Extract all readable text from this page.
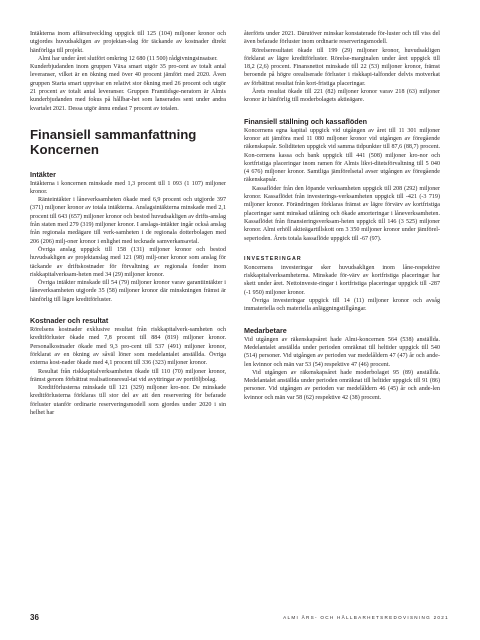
Intäkterna inom affärsutveckling uppgick till 125 (104) miljoner kronor och utgjordes huvudsakligen av projektan-slag för täckande av kostnader direkt hänförliga till projekt.

Almi har under året slutfört omkring 12 680 (11 500) rådgivningsinsatser.

Kunderbjudanden inom gruppen Växa smart utgör 35 pro-cent av totalt antal leveranser, vilket är en ökning med över 40 procent jämfört med 2020. Även gruppen Starta smart uppvisar en relativt stor ökning med 26 procent och utgör 21 procent av totalt antal leveranser. Gruppen Framtidsge-neratorn är Almis kunderbjudanden med fokus på hållbar-het som lanserades sent under andra kvartalet 2021. Dessa utgör ännu endast 7 procent av totalen.

Finansiell sammanfattning Koncernen
Intäkter

Intäkterna i koncernen minskade med 1,3 procent till 1 093 (1 107) miljoner kronor.

Ränteintäkter i låneverksamheten ökade med 6,9 procent och utgjorde 397 (371) miljoner kronor av totala intäkterna. Anslagsintäkterna minskade med 2,1 procent till 643 (657) miljoner kronor och bestod huvudsakligen av drifts-anslag från staten med 279 (319) miljoner kronor. I anslags-intäkter ingår också anslag från regionala medägare till verk-samheten i de regionala dotterbolagen med 206 (206) milj-oner kronor i enlighet med tecknade samverkansavtal.

Övriga anslag uppgick till 158 (131) miljoner kronor och bestod huvudsakligen av projektanslag med 121 (98) milj-oner kronor som anslag för täckande av driftskostnader för förvaltning av regionala fonder inom riskkapitalverksam-heten med 34 (29) miljoner kronor.

Övriga intäkter minskade till 54 (79) miljoner kronor varav garantiintäkter i låneverksamheten utgjorde 35 (58) miljoner kronor där minskningen främst är hänförlig till lägre kreditförluster.

Kostnader och resultat

Rörelsens kostnader exklusive resultat från riskkapitalverk-samheten och kreditförluster ökade med 7,8 procent till 884 (819) miljoner kronor. Personalkostnader ökade med 9,3 pro-cent till 537 (491) miljoner kronor, förklarat av en ökning av såväl löner som medelantalet anställda. Övriga externa kost-nader ökade med 4,1 procent till 336 (323) miljoner kronor.

Resultat från riskkapitalverksamheten ökade till 110 (70) miljoner kronor, främst genom förbättrat realisationsresul-tat vid avyttringar av portföljbolag.

Kreditförlusterna minskade till 121 (329) miljoner kro-nor. De minskade kreditförlusterna förklaras till stor del av att den reservering för befarade förluster utanför ordinarie reserveringsmodell som gjordes under 2020 i sin helhet har

återförts under 2021. Därutöver minskar konstaterade för-luster och till viss del även befarade förluster inom ordinarie reserveringsmodell.

Rörelseresultatet ökade till 199 (29) miljoner kronor, huvudsakligen förklarat av lägre kreditförluster. Rörelse-marginalen under året uppgick till 18,2 (2,6) procent. Finansnettot minskade till 22 (53) miljoner kronor, främst beroende på högre orealiserade förluster i riskkapi-talfonder delvis motverkat av förbättrat resultat från kort-fristiga placeringar.

Årets resultat ökade till 221 (82) miljoner kronor varav 218 (63) miljoner kronor är hänförlig till moderbolagets aktieägare.

Finansiell ställning och kassaflöden

Koncernens egna kapital uppgick vid utgången av året till 11 301 miljoner kronor att jämföra med 11 080 miljoner kronor vid utgången av föregående räkenskapsår. Soliditeten uppgick vid samma tidpunkter till 87,6 (88,7) procent. Kon-cernens kassa och bank uppgick till 441 (508) miljoner kro-nor och kortfristiga placeringar inom ramen för Almis likvi-ditetsförvaltning till 5 040 (4 676) miljoner kronor. Samtliga jämförelsetal avser utgången av föregående räkenskapsår.

Kassaflöder från den löpande verksamheten uppgick till 208 (292) miljoner kronor. Kassaflödet från investerings-verksamheten uppgick till -421 (-3 719) miljoner kronor. Förändringen förklaras främst av lägre förvärv av kortfristiga placeringar samt minskad utlåning och ökade amorteringar i låneverksamheten. Kassaflödet från finansieringsverksam-heten uppgick till 146 (3 525) miljoner kronor. Almi erhöll aktieägartillskott om 3 350 miljoner kronor under jämförel-seperioden. Årets totala kassaflöde uppgick till -67 (97).

INVESTERINGAR

Koncernens investeringar sker huvudsakligen inom låne-respektive riskkapitalverksamheterna. Minskade för-värv av kortfristiga placeringar har skett under året. Nettoinveste-ringar i kortfristiga placeringar uppgick till -287 (-1 950) miljoner kronor.

Övriga investeringar uppgick till 14 (11) miljoner kronor och avsåg immateriella och materiella anläggningstillgångar.

Medarbetare

Vid utgången av räkenskapsåret hade Almi-koncernen 564 (538) anställda. Medelantalet anställda under perioden omräknat till heltider uppgick till 540 (514) personer. Vid utgången av perioden var medelåldern 47 (47) år och ande-len kvinnor och män var 53 (54) respektive 47 (46) procent.

Vid utgången av räkenskapsåret hade moderbolaget 95 (89) anställda. Medelantalet anställda under perioden omräknat till heltider uppgick till 91 (86) personer. Vid utgången av perioden var medelåldern 46 (45) år och ande-len kvinnor och män var 58 (62) respektive 42 (38) procent.

36	ALMI ÅRS- OCH HÅLLBARHETSREDOVISNING 2021
